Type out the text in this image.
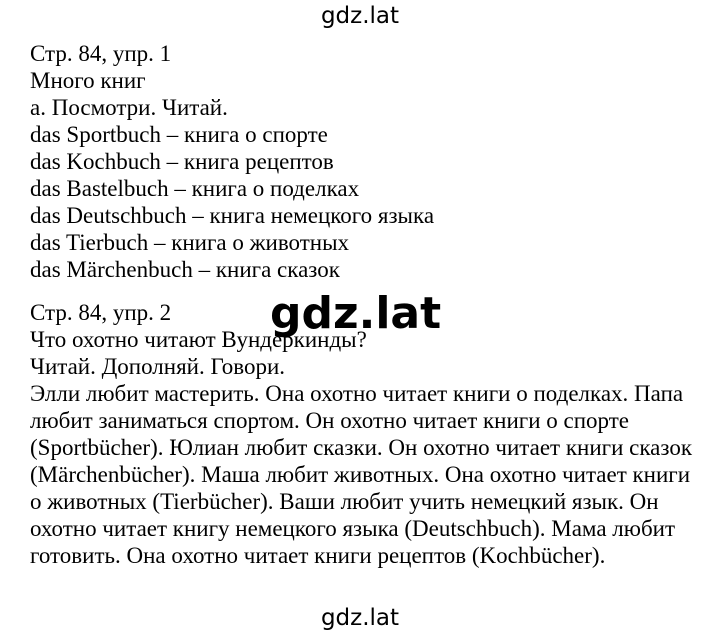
gdz.lat
Стр. 84, упр. 1
Много книг
а. Посмотри. Читай.
das Sportbuch – книга о спорте
das Kochbuch – книга рецептов
das Bastelbuch – книга о поделках
das Deutschbuch – книга немецкого языка
das Tierbuch – книга о животных
das Märchenbuch – книга сказок
Стр. 84, упр. 2
Что охотно читают Вундеркинды?
Читай. Дополняй. Говори.
Элли любит мастерить. Она охотно читает книги о поделках. Папа
любит заниматься спортом. Он охотно читает книги о спорте
(Sportbücher). Юлиан любит сказки. Он охотно читает книги сказок
(Märchenbücher). Маша любит животных. Она охотно читает книги
о животных (Tierbücher). Ваши любит учить немецкий язык. Он
охотно читает книгу немецкого языка (Deutschbuch). Мама любит
готовить. Она охотно читает книги рецептов (Kochbücher).
gdz.lat
gdz.lat
